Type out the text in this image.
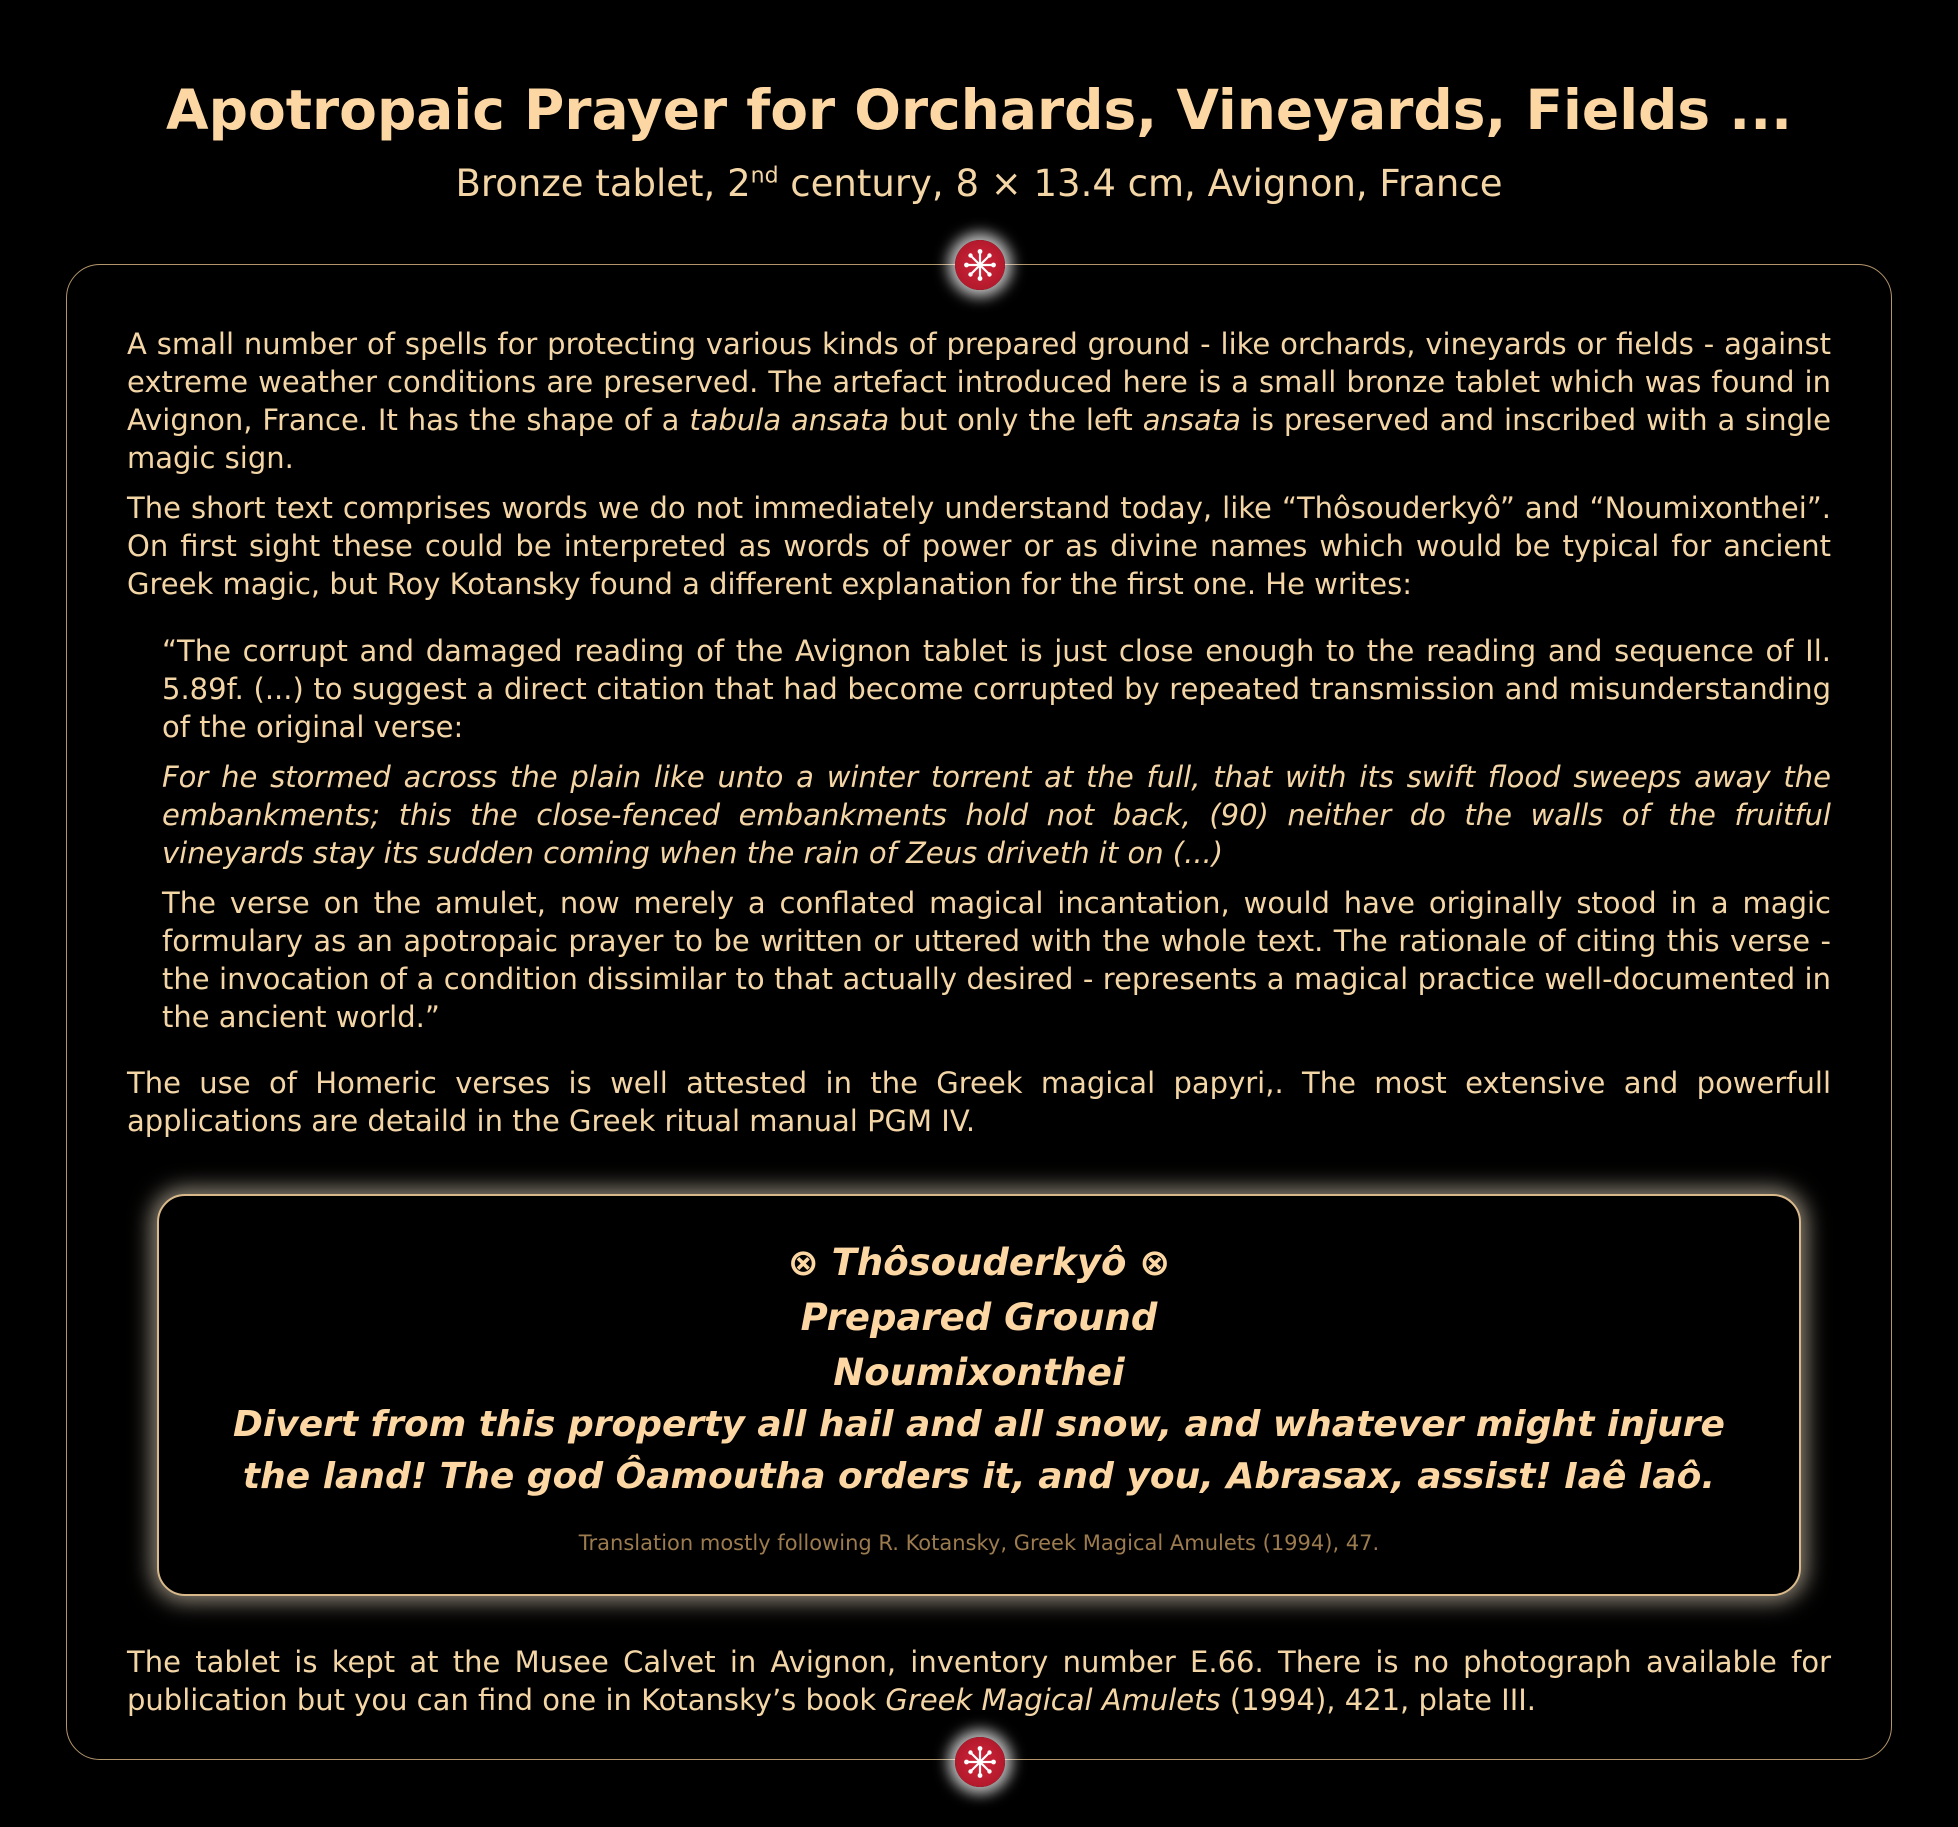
Apotropaic Prayer for Orchards, Vineyards, Fields ...
Bronze tablet, 2nd century, 8 × 13.4 cm, Avignon, France

A small number of spells for protecting various kinds of prepared ground - like orchards, vineyards or fields - against extreme weather conditions are preserved. The artefact introduced here is a small bronze tablet which was found in Avignon, France. It has the shape of a tabula ansata but only the left ansata is preserved and inscribed with a single magic sign.

The short text comprises words we do not immediately understand today, like “Thôsouderkyô” and “Noumixonthei”. On first sight these could be interpreted as words of power or as divine names which would be typical for ancient Greek magic, but Roy Kotansky found a different explanation for the first one. He writes:

“The corrupt and damaged reading of the Avignon tablet is just close enough to the reading and sequence of Il. 5.89f. (...) to suggest a direct citation that had become corrupted by repeated transmission and misunderstanding of the original verse:

For he stormed across the plain like unto a winter torrent at the full, that with its swift flood sweeps away the embankments; this the close-fenced embankments hold not back, (90) neither do the walls of the fruitful vineyards stay its sudden coming when the rain of Zeus driveth it on (...)

The verse on the amulet, now merely a conflated magical incantation, would have originally stood in a magic formulary as an apotropaic prayer to be written or uttered with the whole text. The rationale of citing this verse - the invocation of a condition dissimilar to that actually desired - represents a magical practice well-documented in the ancient world.”

The use of Homeric verses is well attested in the Greek magical papyri,. The most extensive and powerfull applications are detaild in the Greek ritual manual PGM IV.

⊗ Thôsouderkyô ⊗
Prepared Ground
Noumixonthei
Divert from this property all hail and all snow, and whatever might injure
the land! The god Ôamoutha orders it, and you, Abrasax, assist! Iaê Iaô.
Translation mostly following R. Kotansky, Greek Magical Amulets (1994), 47.

The tablet is kept at the Musee Calvet in Avignon, inventory number E.66. There is no photograph available for publication but you can find one in Kotansky’s book Greek Magical Amulets (1994), 421, plate III.
